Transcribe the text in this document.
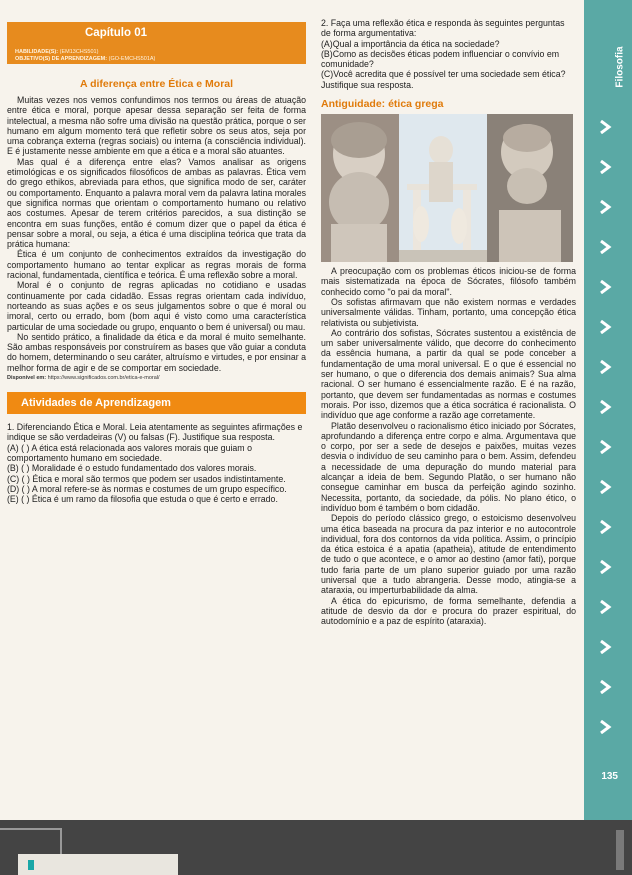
Capítulo 01
HABILIDADE(S): (EM13CHS501)
OBJETIVO(S) DE APRENDIZAGEM: (GO-EMCHS501A)
A diferença entre Ética e Moral

Muitas vezes nos vemos confundimos nos termos ou áreas de atuação entre ética e moral, porque apesar dessa separação ser feita de forma intelectual, a mesma não sofre uma divisão na questão prática, porque o ser humano em algum momento terá que refletir sobre os seus atos, seja por uma cobrança externa (regras sociais) ou interna (a consciência individual). E é justamente nesse ambiente em que a ética e a moral são atuantes.

Mas qual é a diferença entre elas? Vamos analisar as origens etimológicas e os significados filosóficos de ambas as palavras. Ética vem do grego ethikos, abreviada para ethos, que significa modo de ser, caráter ou comportamento. Enquanto a palavra moral vem da palavra latina morales que significa normas que orientam o comportamento humano ou relativo aos costumes. Apesar de terem critérios parecidos, a sua distinção se encontra em suas funções, então é comum dizer que o papel da ética é pensar sobre a moral, ou seja, a ética é uma disciplina teórica que trata da prática humana:

Ética é um conjunto de conhecimentos extraídos da investigação do comportamento humano ao tentar explicar as regras morais de forma racional, fundamentada, científica e teórica. É uma reflexão sobre a moral.

Moral é o conjunto de regras aplicadas no cotidiano e usadas continuamente por cada cidadão. Essas regras orientam cada indivíduo, norteando as suas ações e os seus julgamentos sobre o que é moral ou imoral, certo ou errado, bom (bom aqui é visto como uma característica particular de uma sociedade ou grupo, enquanto o bem é universal) ou mau.

No sentido prático, a finalidade da ética e da moral é muito semelhante. São ambas responsáveis por construírem as bases que vão guiar a conduta do homem, determinando o seu caráter, altruísmo e virtudes, e por ensinar a melhor forma de agir e de se comportar em sociedade.

Disponível em: https://www.significados.com.br/etica-e-moral/
Atividades de Aprendizagem

1. Diferenciando Ética e Moral. Leia atentamente as seguintes afirmações e indique se são verdadeiras (V) ou falsas (F). Justifique sua resposta.

(A) ( ) A ética está relacionada aos valores morais que guiam o comportamento humano em sociedade.

(B) ( ) Moralidade é o estudo fundamentado dos valores morais.

(C) ( ) Ética e moral são termos que podem ser usados indistintamente.

(D) ( ) A moral refere-se às normas e costumes de um grupo específico.

(E) ( ) Ética é um ramo da filosofia que estuda o que é certo e errado.

2. Faça uma reflexão ética e responda às seguintes perguntas de forma argumentativa:

(A)Qual a importância da ética na sociedade?

(B)Como as decisões éticas podem influenciar o convívio em comunidade?

(C)Você acredita que é possível ter uma sociedade sem ética? Justifique sua resposta.

Antiguidade: ética grega

A preocupação com os problemas éticos iniciou-se de forma mais sistematizada na época de Sócrates, filósofo também conhecido como "o pai da moral".

Os sofistas afirmavam que não existem normas e verdades universalmente válidas. Tinham, portanto, uma concepção ética relativista ou subjetivista.

Ao contrário dos sofistas, Sócrates sustentou a existência de um saber universalmente válido, que decorre do conhecimento da essência humana, a partir da qual se pode conceber a fundamentação de uma moral universal. E o que é essencial no ser humano, o que o diferencia dos demais animais? Sua alma racional. O ser humano é essencialmente razão. E é na razão, portanto, que devem ser fundamentadas as normas e costumes morais. Por isso, dizemos que a ética socrática é racionalista. O indivíduo que age conforme a razão age corretamente.

Platão desenvolveu o racionalismo ético iniciado por Sócrates, aprofundando a diferença entre corpo e alma. Argumentava que o corpo, por ser a sede de desejos e paixões, muitas vezes desvia o indivíduo de seu caminho para o bem. Assim, defendeu a necessidade de uma depuração do mundo material para alcançar a ideia de bem. Segundo Platão, o ser humano não consegue caminhar em busca da perfeição agindo sozinho. Necessita, portanto, da sociedade, da pólis. No plano ético, o indivíduo bom é também o bom cidadão.

Depois do período clássico grego, o estoicismo desenvolveu uma ética baseada na procura da paz interior e no autocontrole individual, fora dos contornos da vida política. Assim, o princípio da ética estoica é a apatia (apatheia), atitude de entendimento de tudo o que acontece, e o amor ao destino (amor fati), porque tudo faria parte de um plano superior guiado por uma razão universal que a tudo abrangeria. Desse modo, atingia-se a ataraxia, ou imperturbabilidade da alma.

A ética do epicurismo, de forma semelhante, defendia a atitude de desvio da dor e procura do prazer espiritual, do autodomínio e a paz de espírito (ataraxia).

Filosofia
135
